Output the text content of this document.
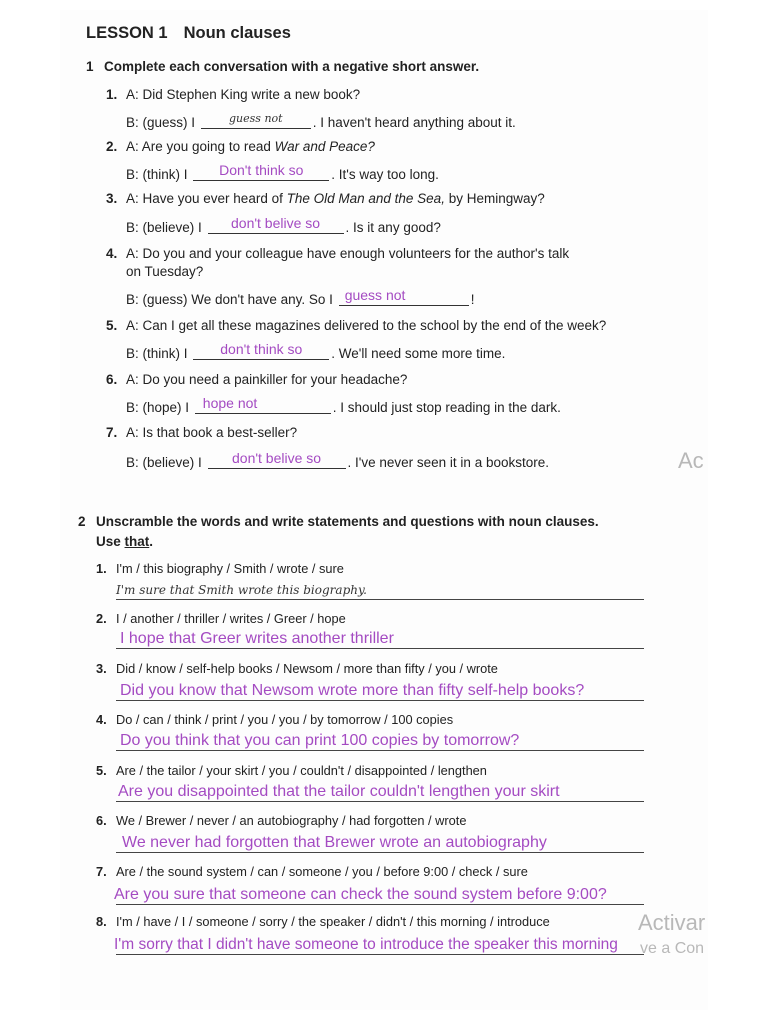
LESSON 1 Noun clauses
1 Complete each conversation with a negative short answer.
1. A: Did Stephen King write a new book?
B: (guess) I	guess not	. I haven't heard anything about it.
2. A: Are you going to read War and Peace?
B: (think) I	Don't think so	. It's way too long.
3. A: Have you ever heard of The Old Man and the Sea, by Hemingway?
B: (believe) I	don't belive so	. Is it any good?
4. A: Do you and your colleague have enough volunteers for the author's talk
on Tuesday?
B: (guess) We don't have any. So I guess not	!
5. A: Can I get all these magazines delivered to the school by the end of the week?
B: (think) I	don't think so	. We'll need some more time.
6. A: Do you need a painkiller for your headache?
B: (hope) I hope not	. I should just stop reading in the dark.
7. A: Is that book a best-seller?
B: (believe) I	don't belive so	. I've never seen it in a bookstore.	Ac
2 Unscramble the words and write statements and questions with noun clauses.
Use that.
1. I'm / this biography / Smith / wrote / sure
I'm sure that Smith wrote this biography.
2. I / another / thriller / writes / Greer / hope
I hope that Greer writes another thriller
3. Did / know / self-help books / Newsom / more than fifty / you / wrote
Did you know that Newsom wrote more than fifty self-help books?
4. Do / can / think / print / you / you / by tomorrow / 100 copies
Do you think that you can print 100 copies by tomorrow?
5. Are / the tailor / your skirt / you / couldn't / disappointed / lengthen
Are you disappointed that the tailor couldn't lengthen your skirt
6. We / Brewer / never / an autobiography / had forgotten / wrote
We never had forgotten that Brewer wrote an autobiography
7. Are / the sound system / can / someone / you / before 9:00 / check / sure
Are you sure that someone can check the sound system before 9:00?
8. I'm / have / I / someone / sorry / the speaker / didn't / this morning / introduce
I'm sorry that I didn't have someone to introduce the speaker this morning
Activar
ve a Con
